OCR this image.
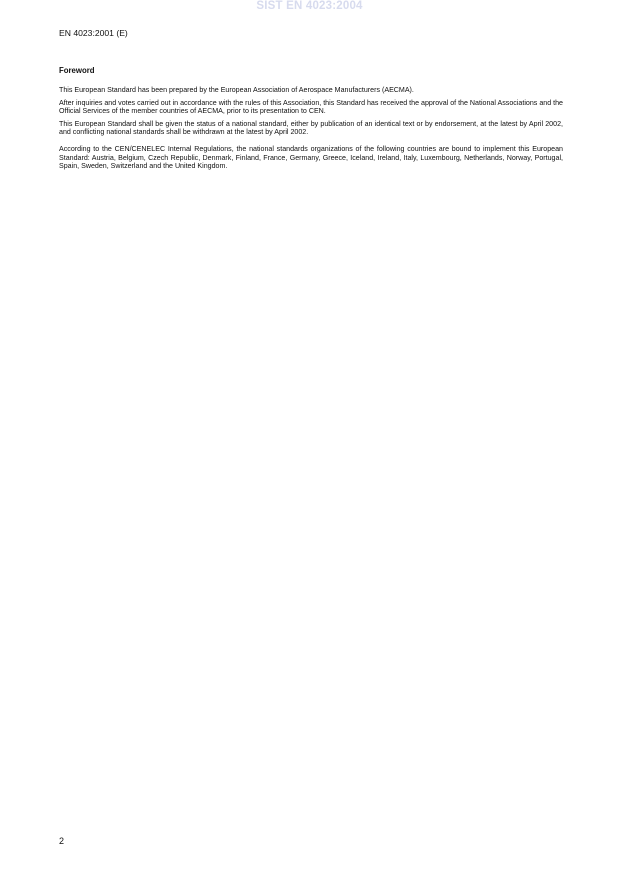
SIST EN 4023:2004
EN 4023:2001 (E)
Foreword

This European Standard has been prepared by the European Association of Aerospace Manufacturers (AECMA).

After inquiries and votes carried out in accordance with the rules of this Association, this Standard has received the approval of the National Associations and the Official Services of the member countries of AECMA, prior to its presentation to CEN.

This European Standard shall be given the status of a national standard, either by publication of an identical text or by endorsement, at the latest by April 2002, and conflicting national standards shall be withdrawn at the latest by April 2002.

According to the CEN/CENELEC Internal Regulations, the national standards organizations of the following countries are bound to implement this European Standard: Austria, Belgium, Czech Republic, Denmark, Finland, France, Germany, Greece, Iceland, Ireland, Italy, Luxembourg, Netherlands, Norway, Portugal, Spain, Sweden, Switzerland and the United Kingdom.

2
